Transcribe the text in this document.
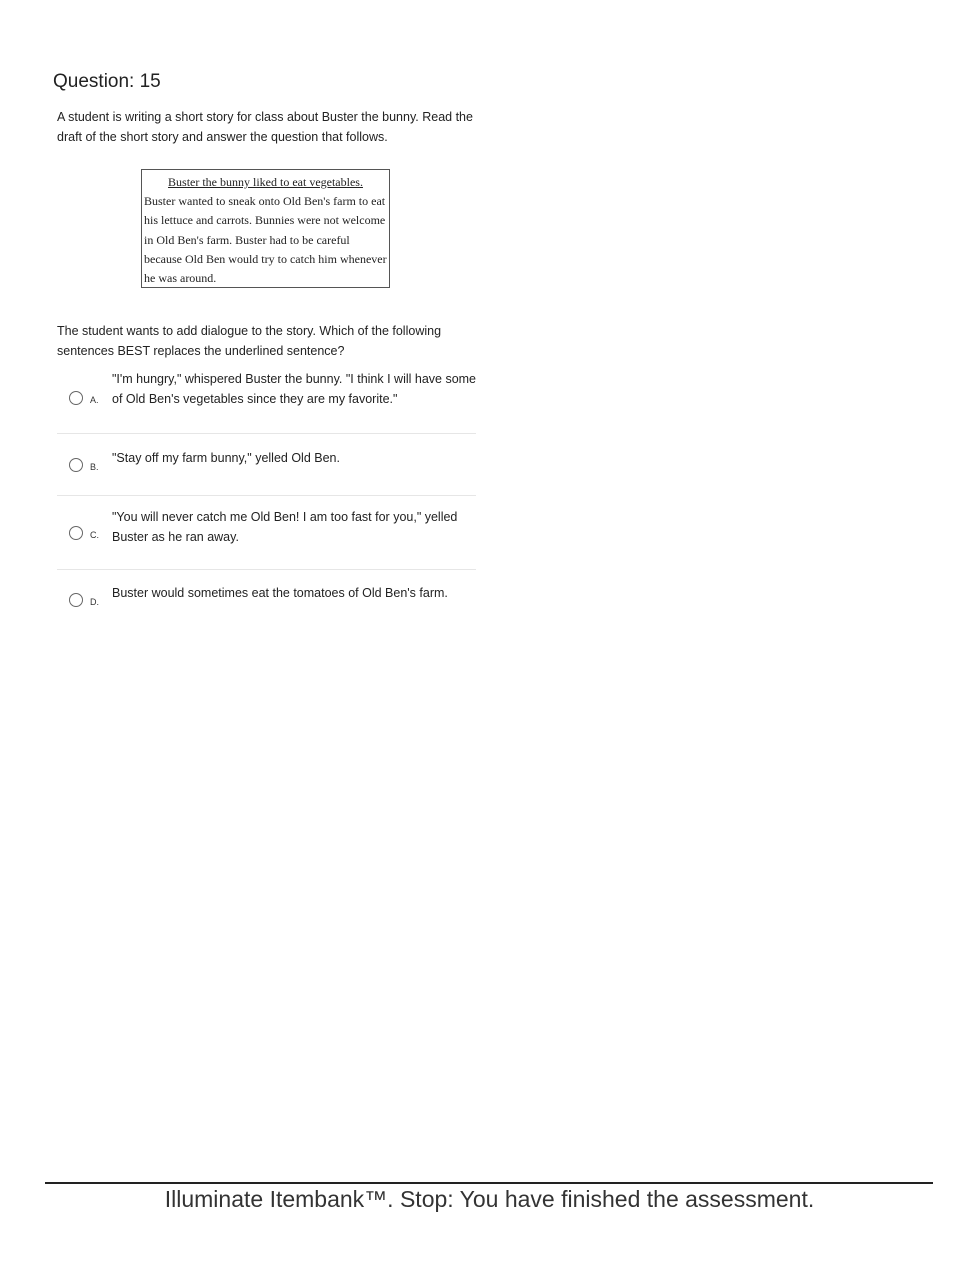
Question: 15

A student is writing a short story for class about Buster the bunny. Read the draft of the short story and answer the question that follows.

Buster the bunny liked to eat vegetables.
Buster wanted to sneak onto Old Ben's farm to eat his lettuce and carrots. Bunnies were not welcome in Old Ben's farm. Buster had to be careful because Old Ben would try to catch him whenever he was around.

The student wants to add dialogue to the story. Which of the following sentences BEST replaces the underlined sentence?

A.
"I'm hungry," whispered Buster the bunny. "I think I will have some of Old Ben's vegetables since they are my favorite."
B.
"Stay off my farm bunny," yelled Old Ben.
C.
"You will never catch me Old Ben! I am too fast for you," yelled Buster as he ran away.
D.
Buster would sometimes eat the tomatoes of Old Ben's farm.
Illuminate Itembank™. Stop: You have finished the assessment.
